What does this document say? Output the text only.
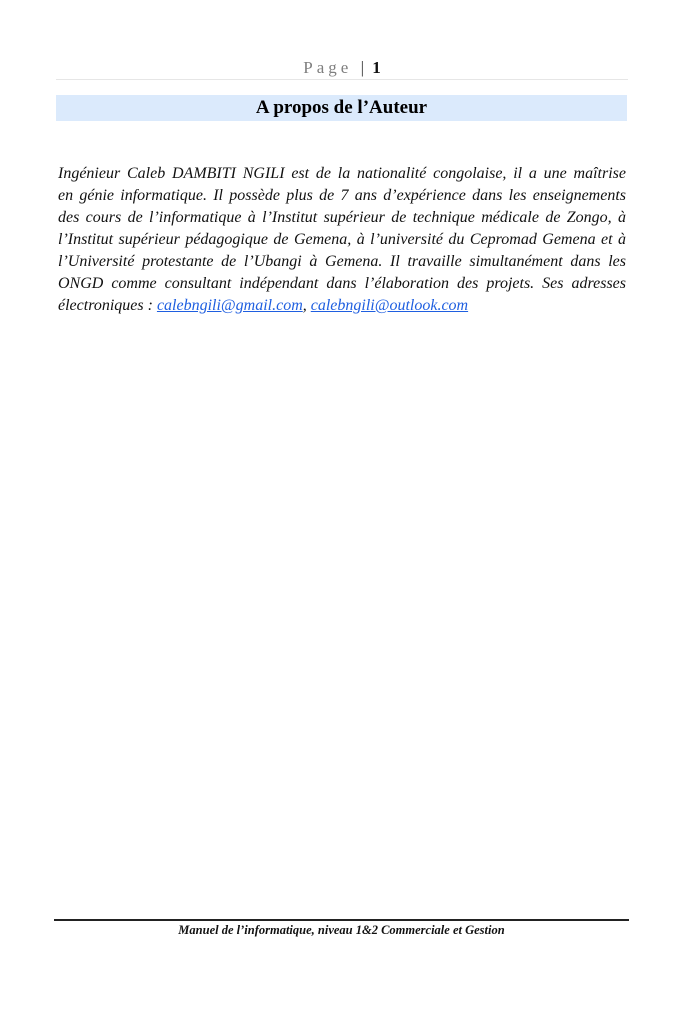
Page | 1
A propos de l’Auteur
Ingénieur Caleb DAMBITI NGILI est de la nationalité congolaise, il a une maîtrise
en génie informatique. Il possède plus de 7 ans d’expérience dans les enseignements
des cours de l’informatique à l’Institut supérieur de technique médicale de Zongo, à
l’Institut supérieur pédagogique de Gemena, à l’université du Cepromad Gemena et à
l’Université protestante de l’Ubangi à Gemena. Il travaille simultanément dans les
ONGD comme consultant indépendant dans l’élaboration des projets. Ses adresses
électroniques : calebngili@gmail.com, calebngili@outlook.com
Manuel de l’informatique, niveau 1&2 Commerciale et Gestion
